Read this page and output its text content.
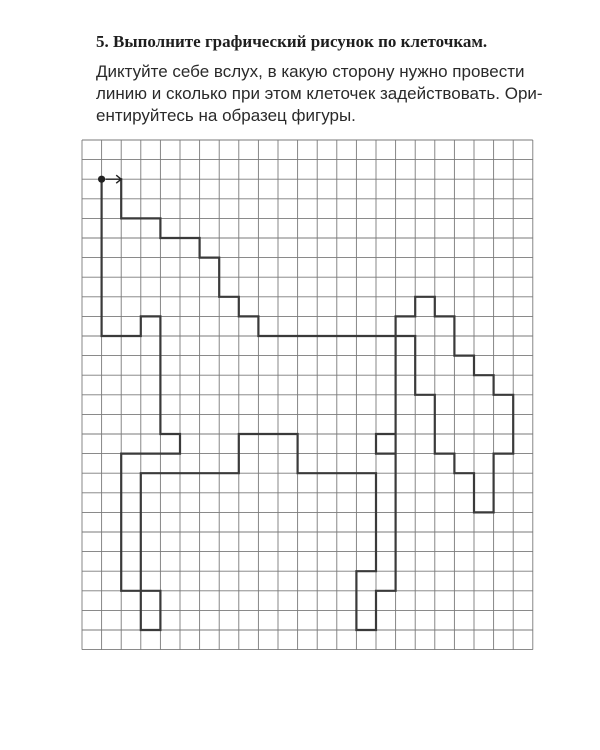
5. Выполните графический рисунок по клеточкам.

Диктуйте себе вслух, в какую сторону нужно провести
линию и сколько при этом клеточек задействовать. Ори-
ентируйтесь на образец фигуры.
